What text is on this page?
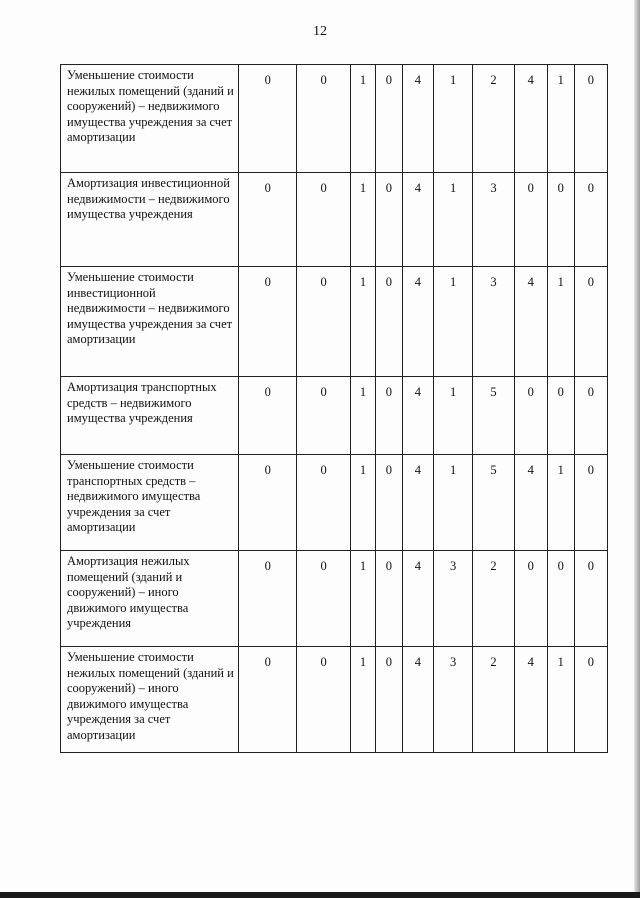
12
Уменьшение стоимости нежилых помещений (зданий и сооружений) – недвижимого имущества учреждения за счет амортизации	0	0	1	0	4	1	2	4	1	0
Амортизация инвестиционной недвижимости – недвижимого имущества учреждения	0	0	1	0	4	1	3	0	0	0
Уменьшение стоимости инвестиционной недвижимости – недвижимого имущества учреждения за счет амортизации	0	0	1	0	4	1	3	4	1	0
Амортизация транспортных средств – недвижимого имущества учреждения	0	0	1	0	4	1	5	0	0	0
Уменьшение стоимости транспортных средств – недвижимого имущества учреждения за счет амортизации	0	0	1	0	4	1	5	4	1	0
Амортизация нежилых помещений (зданий и сооружений) – иного движимого имущества учреждения	0	0	1	0	4	3	2	0	0	0
Уменьшение стоимости нежилых помещений (зданий и сооружений) – иного движимого имущества учреждения за счет амортизации	0	0	1	0	4	3	2	4	1	0
